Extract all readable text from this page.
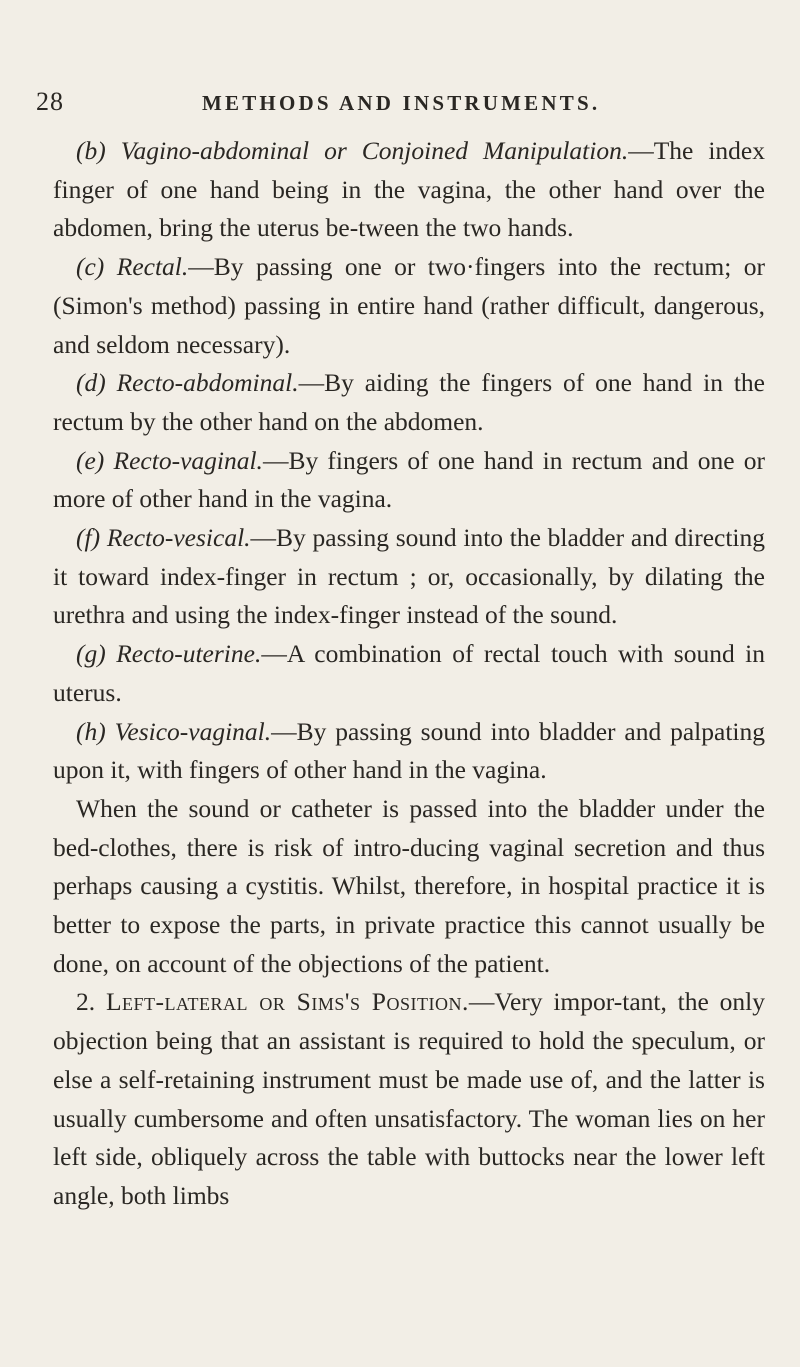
28	METHODS AND INSTRUMENTS.

(b) Vagino-abdominal or Conjoined Manipulation.—The index finger of one hand being in the vagina, the other hand over the abdomen, bring the uterus be-tween the two hands.

(c) Rectal.—By passing one or two·fingers into the rectum; or (Simon's method) passing in entire hand (rather difficult, dangerous, and seldom necessary).

(d) Recto-abdominal.—By aiding the fingers of one hand in the rectum by the other hand on the abdomen.

(e) Recto-vaginal.—By fingers of one hand in rectum and one or more of other hand in the vagina.

(f) Recto-vesical.—By passing sound into the bladder and directing it toward index-finger in rectum ; or, occasionally, by dilating the urethra and using the index-finger instead of the sound.

(g) Recto-uterine.—A combination of rectal touch with sound in uterus.

(h) Vesico-vaginal.—By passing sound into bladder and palpating upon it, with fingers of other hand in the vagina.

When the sound or catheter is passed into the bladder under the bed-clothes, there is risk of intro-ducing vaginal secretion and thus perhaps causing a cystitis. Whilst, therefore, in hospital practice it is better to expose the parts, in private practice this cannot usually be done, on account of the objections of the patient.

2. Left-lateral or Sims's Position.—Very impor-tant, the only objection being that an assistant is required to hold the speculum, or else a self-retaining instrument must be made use of, and the latter is usually cumbersome and often unsatisfactory. The woman lies on her left side, obliquely across the table with buttocks near the lower left angle, both limbs
